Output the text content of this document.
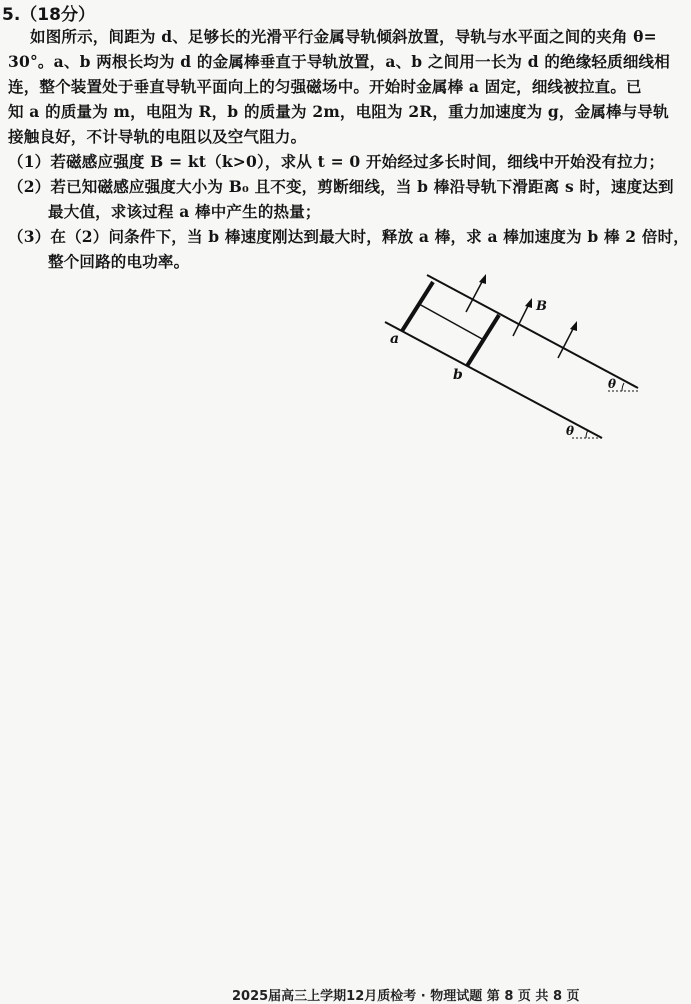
5.（18分）
如图所示，间距为 d、足够长的光滑平行金属导轨倾斜放置，导轨与水平面之间的夹角 θ=
30°。a、b 两根长均为 d 的金属棒垂直于导轨放置，a、b 之间用一长为 d 的绝缘轻质细线相
连，整个装置处于垂直导轨平面向上的匀强磁场中。开始时金属棒 a 固定，细线被拉直。已
知 a 的质量为 m，电阻为 R，b 的质量为 2m，电阻为 2R，重力加速度为 g，金属棒与导轨
接触良好，不计导轨的电阻以及空气阻力。
（1）若磁感应强度 B = kt（k>0），求从 t = 0 开始经过多长时间，细线中开始没有拉力；
（2）若已知磁感应强度大小为 B₀ 且不变，剪断细线，当 b 棒沿导轨下滑距离 s 时，速度达到
最大值，求该过程 a 棒中产生的热量；
（3）在（2）问条件下，当 b 棒速度刚达到最大时，释放 a 棒，求 a 棒加速度为 b 棒 2 倍时，
整个回路的电功率。
a
b
B
θ
θ
2025届高三上学期12月质检考 · 物理试题 第 8 页 共 8 页
